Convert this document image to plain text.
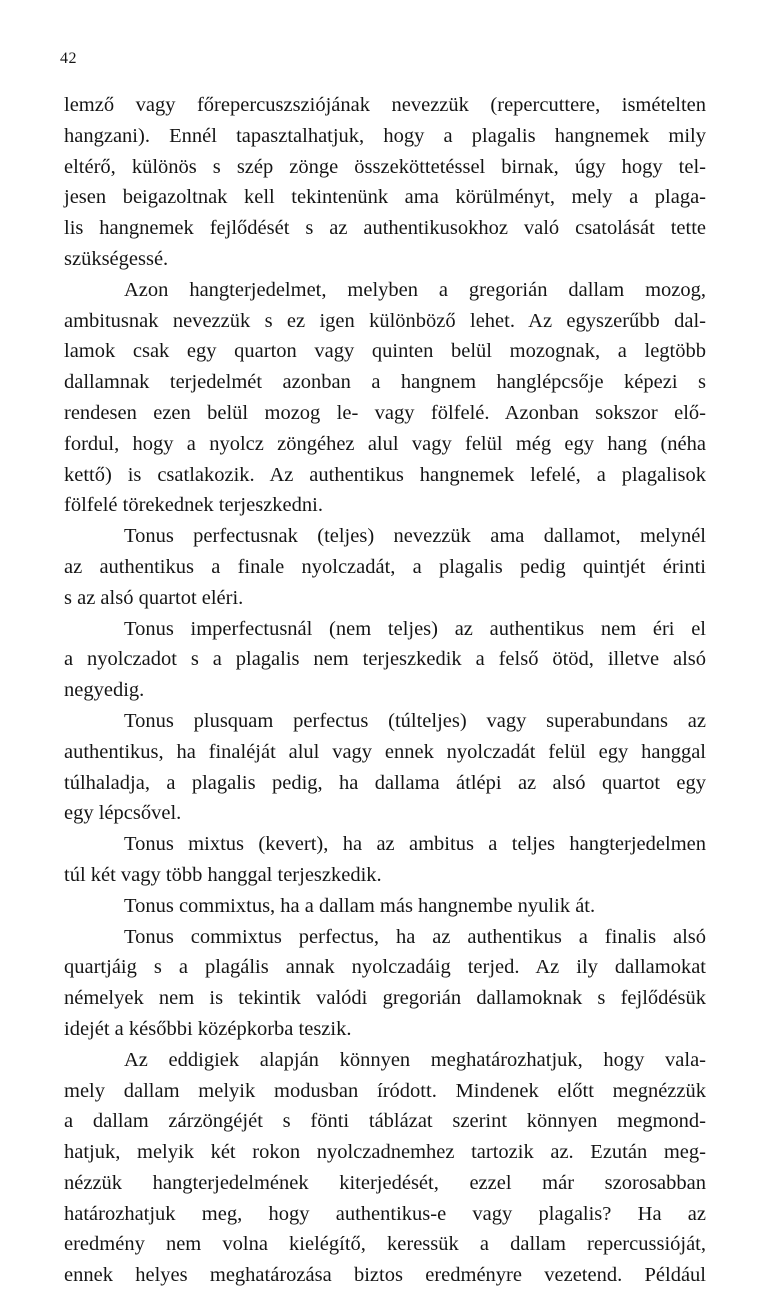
42
lemző vagy főrepercuszsziójának nevezzük (repercuttere, ismételten
hangzani). Ennél tapasztalhatjuk, hogy a plagalis hangnemek mily
eltérő, különös s szép zönge összeköttetéssel birnak, úgy hogy tel-
jesen beigazoltnak kell tekintenünk ama körülményt, mely a plaga-
lis hangnemek fejlődését s az authentikusokhoz való csatolását tette
szükségessé.
Azon hangterjedelmet, melyben a gregorián dallam mozog,
ambitusnak nevezzük s ez igen különböző lehet. Az egyszerűbb dal-
lamok csak egy quarton vagy quinten belül mozognak, a legtöbb
dallamnak terjedelmét azonban a hangnem hanglépcsője képezi s
rendesen ezen belül mozog le- vagy fölfelé. Azonban sokszor elő-
fordul, hogy a nyolcz zöngéhez alul vagy felül még egy hang (néha
kettő) is csatlakozik. Az authentikus hangnemek lefelé, a plagalisok
fölfelé törekednek terjeszkedni.
Tonus perfectusnak (teljes) nevezzük ama dallamot, melynél
az authentikus a finale nyolczadát, a plagalis pedig quintjét érinti
s az alsó quartot eléri.
Tonus imperfectusnál (nem teljes) az authentikus nem éri el
a nyolczadot s a plagalis nem terjeszkedik a felső ötöd, illetve alsó
negyedig.
Tonus plusquam perfectus (túlteljes) vagy superabundans az
authentikus, ha finaléját alul vagy ennek nyolczadát felül egy hanggal
túlhaladja, a plagalis pedig, ha dallama átlépi az alsó quartot egy
egy lépcsővel.
Tonus mixtus (kevert), ha az ambitus a teljes hangterjedelmen
túl két vagy több hanggal terjeszkedik.
Tonus commixtus, ha a dallam más hangnembe nyulik át.
Tonus commixtus perfectus, ha az authentikus a finalis alsó
quartjáig s a plagális annak nyolczadáig terjed. Az ily dallamokat
némelyek nem is tekintik valódi gregorián dallamoknak s fejlődésük
idejét a későbbi középkorba teszik.
Az eddigiek alapján könnyen meghatározhatjuk, hogy vala-
mely dallam melyik modusban íródott. Mindenek előtt megnézzük
a dallam zárzöngéjét s fönti táblázat szerint könnyen megmond-
hatjuk, melyik két rokon nyolczadnemhez tartozik az. Ezután meg-
nézzük hangterjedelmének kiterjedését, ezzel már szorosabban
határozhatjuk meg, hogy authentikus-e vagy plagalis? Ha az
eredmény nem volna kielégítő, keressük a dallam repercussióját,
ennek helyes meghatározása biztos eredményre vezetend. Például
